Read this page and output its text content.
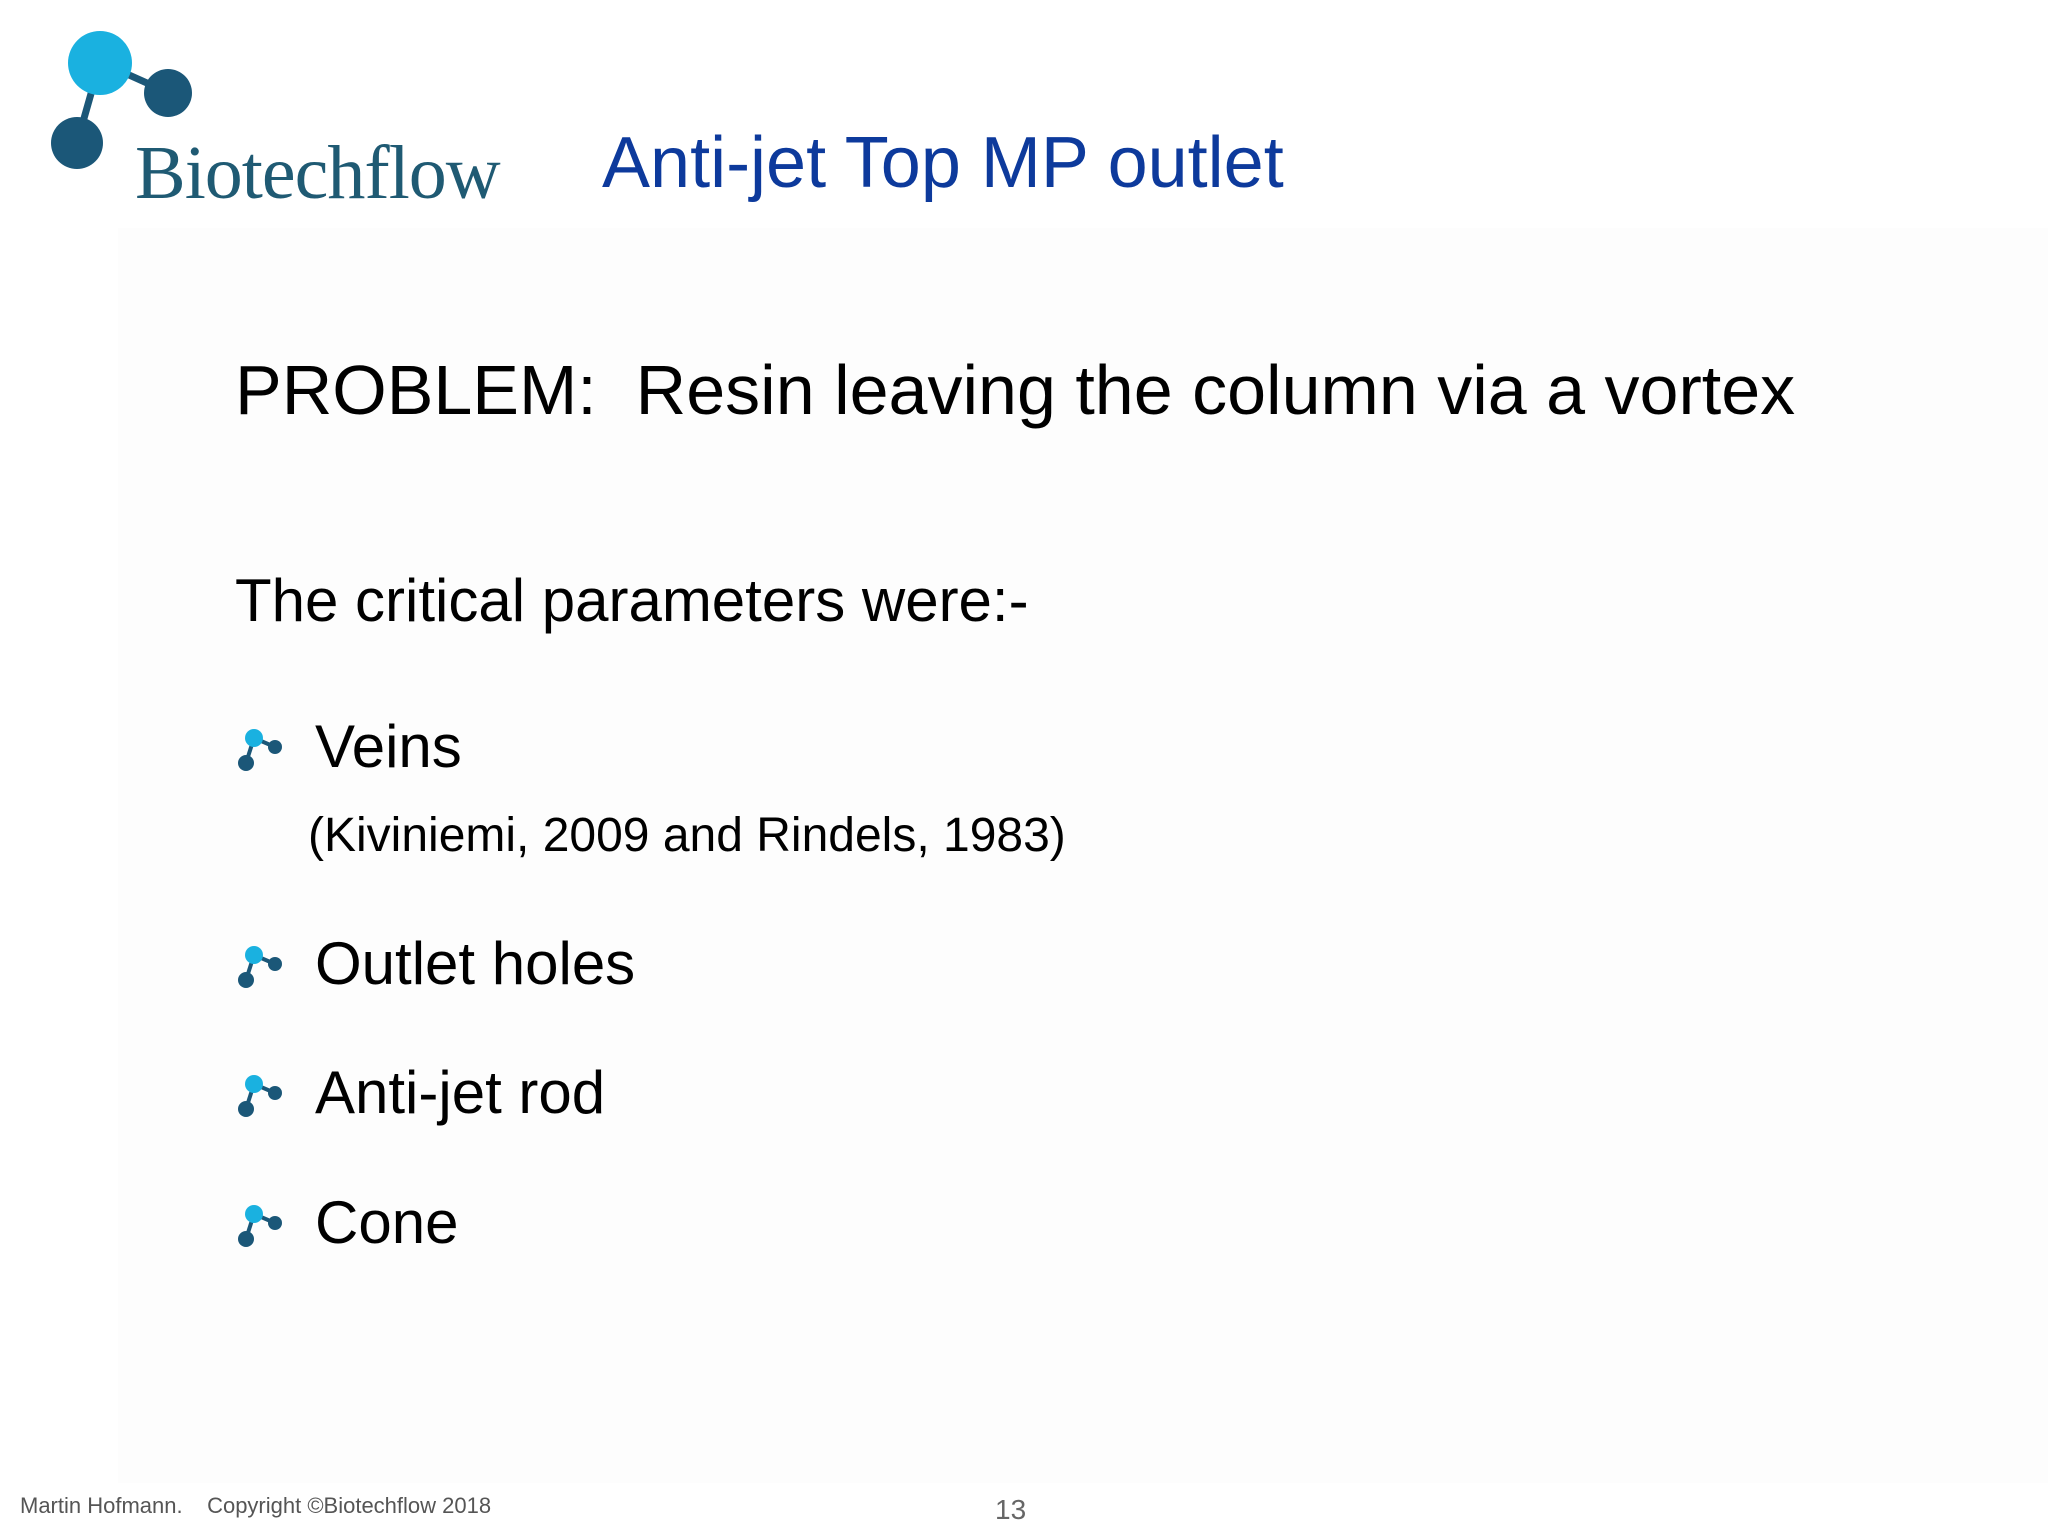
Biotechflow Anti-jet Top MP outlet
PROBLEM:  Resin leaving the column via a vortex
The critical parameters were:-
Veins
(Kiviniemi, 2009 and Rindels, 1983)
Outlet holes
Anti-jet rod
Cone
Martin Hofmann.    Copyright ©Biotechflow 2018	13
